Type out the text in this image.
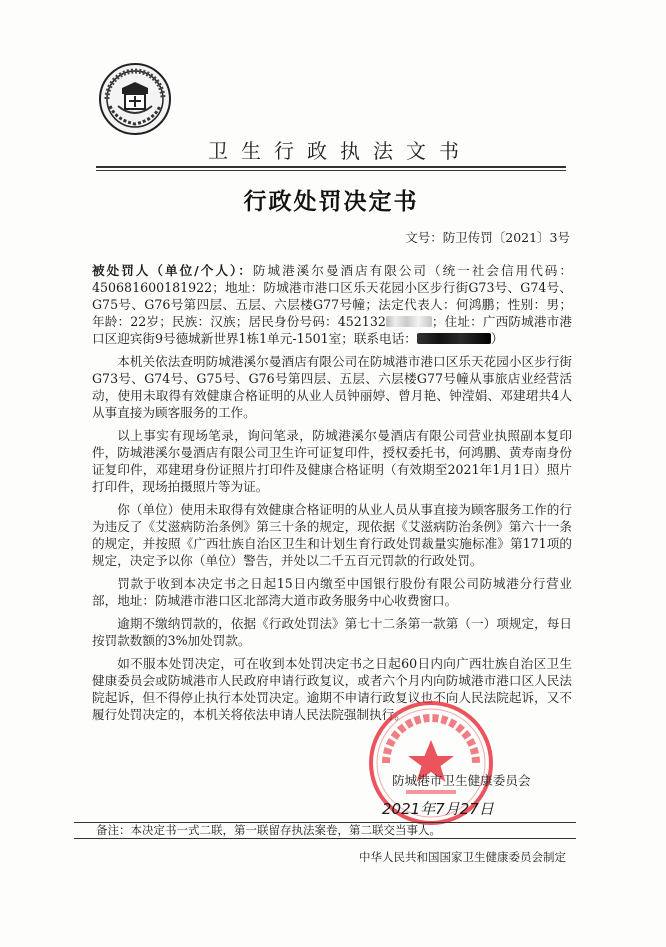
卫生行政执法文书
行政处罚决定书
文号：防卫传罚〔2021〕3号

被处罚人（单位/个人）：防城港溪尔曼酒店有限公司（统一社会信用代码：450681600181922；地址：防城港市港口区乐天花园小区步行街G73号、G74号、G75号、G76号第四层、五层、六层楼G77号幢；法定代表人：何鸿鹏；性别：男；年龄：22岁；民族：汉族；居民身份号码：452132	；住址：广西防城港市港口区迎宾街9号德城新世界1栋1单元-1501室；联系电话：	）

本机关依法查明防城港溪尔曼酒店有限公司在防城港市港口区乐天花园小区步行街G73号、G74号、G75号、G76号第四层、五层、六层楼G77号幢从事旅店业经营活动，使用未取得有效健康合格证明的从业人员钟丽婷、曾月艳、钟滢娟、邓建珺共4人从事直接为顾客服务的工作。

以上事实有现场笔录，询问笔录，防城港溪尔曼酒店有限公司营业执照副本复印件，防城港溪尔曼酒店有限公司卫生许可证复印件，授权委托书，何鸿鹏、黄寿南身份证复印件，邓建珺身份证照片打印件及健康合格证明（有效期至2021年1月1日）照片打印件，现场拍摄照片等为证。

你（单位）使用未取得有效健康合格证明的从业人员从事直接为顾客服务工作的行为违反了《艾滋病防治条例》第三十条的规定，现依据《艾滋病防治条例》第六十一条的规定，并按照《广西壮族自治区卫生和计划生育行政处罚裁量实施标准》第171项的规定，决定予以你（单位）警告，并处以二千五百元罚款的行政处罚。

罚款于收到本决定书之日起15日内缴至中国银行股份有限公司防城港分行营业部，地址：防城港市港口区北部湾大道市政务服务中心收费窗口。

逾期不缴纳罚款的，依据《行政处罚法》第七十二条第一款第（一）项规定，每日按罚款数额的3%加处罚款。

如不服本处罚决定，可在收到本处罚决定书之日起60日内向广西壮族自治区卫生健康委员会或防城港市人民政府申请行政复议，或者六个月内向防城港市港口区人民法院起诉，但不得停止执行本处罚决定。逾期不申请行政复议也不向人民法院起诉，又不履行处罚决定的，本机关将依法申请人民法院强制执行。

防城港市卫生健康委员会
2021年7月27日
备注：本决定书一式二联，第一联留存执法案卷，第二联交当事人。
中华人民共和国国家卫生健康委员会制定
